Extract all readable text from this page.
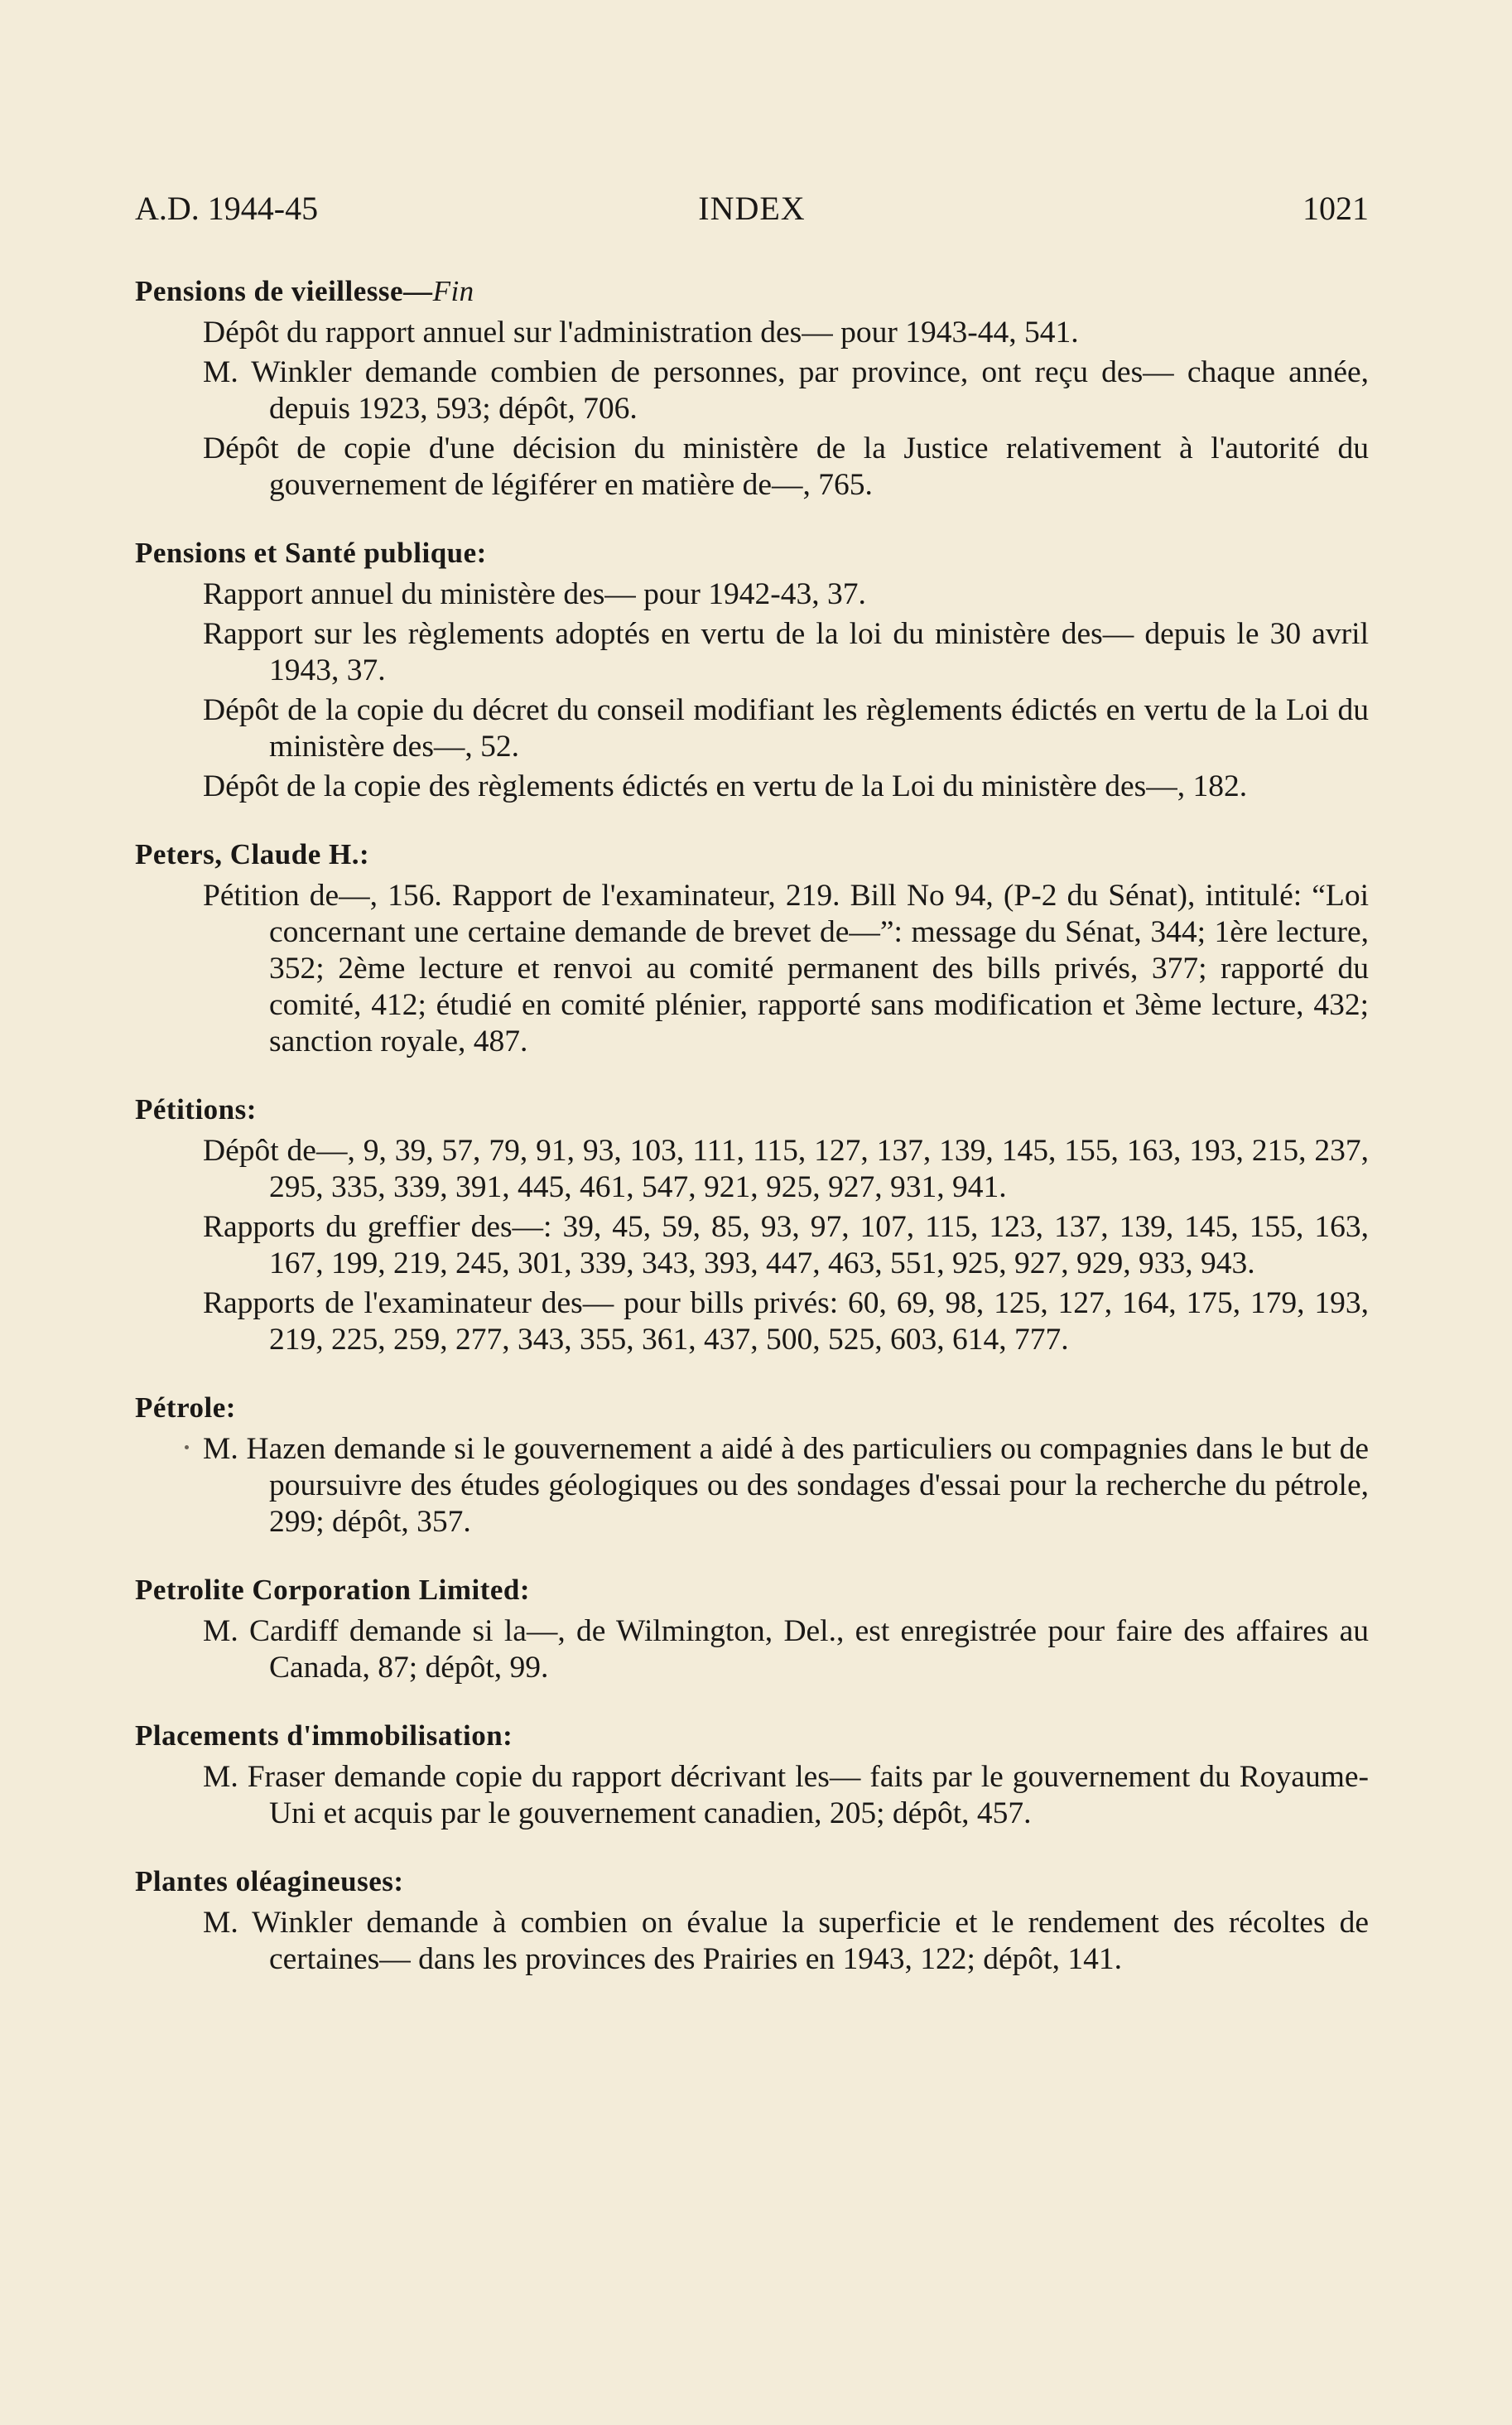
A.D. 1944-45	INDEX	1021
Pensions de vieillesse—Fin
Dépôt du rapport annuel sur l'administration des— pour 1943-44, 541.
M. Winkler demande combien de personnes, par province, ont reçu des— chaque année, depuis 1923, 593; dépôt, 706.
Dépôt de copie d'une décision du ministère de la Justice relativement à l'autorité du gouvernement de légiférer en matière de—, 765.
Pensions et Santé publique:
Rapport annuel du ministère des— pour 1942-43, 37.
Rapport sur les règlements adoptés en vertu de la loi du ministère des— depuis le 30 avril 1943, 37.
Dépôt de la copie du décret du conseil modifiant les règlements édictés en vertu de la Loi du ministère des—, 52.
Dépôt de la copie des règlements édictés en vertu de la Loi du ministère des—, 182.
Peters, Claude H.:
Pétition de—, 156. Rapport de l'examinateur, 219. Bill No 94, (P-2 du Sénat), intitulé: “Loi concernant une certaine demande de brevet de—”: message du Sénat, 344; 1ère lecture, 352; 2ème lecture et renvoi au comité permanent des bills privés, 377; rapporté du comité, 412; étudié en comité plénier, rapporté sans modification et 3ème lecture, 432; sanction royale, 487.
Pétitions:
Dépôt de—, 9, 39, 57, 79, 91, 93, 103, 111, 115, 127, 137, 139, 145, 155, 163, 193, 215, 237, 295, 335, 339, 391, 445, 461, 547, 921, 925, 927, 931, 941.
Rapports du greffier des—: 39, 45, 59, 85, 93, 97, 107, 115, 123, 137, 139, 145, 155, 163, 167, 199, 219, 245, 301, 339, 343, 393, 447, 463, 551, 925, 927, 929, 933, 943.
Rapports de l'examinateur des— pour bills privés: 60, 69, 98, 125, 127, 164, 175, 179, 193, 219, 225, 259, 277, 343, 355, 361, 437, 500, 525, 603, 614, 777.
Pétrole:
M. Hazen demande si le gouvernement a aidé à des particuliers ou compagnies dans le but de poursuivre des études géologiques ou des sondages d'essai pour la recherche du pétrole, 299; dépôt, 357.
Petrolite Corporation Limited:
M. Cardiff demande si la—, de Wilmington, Del., est enregistrée pour faire des affaires au Canada, 87; dépôt, 99.
Placements d'immobilisation:
M. Fraser demande copie du rapport décrivant les— faits par le gouvernement du Royaume-Uni et acquis par le gouvernement canadien, 205; dépôt, 457.
Plantes oléagineuses:
M. Winkler demande à combien on évalue la superficie et le rendement des récoltes de certaines— dans les provinces des Prairies en 1943, 122; dépôt, 141.
